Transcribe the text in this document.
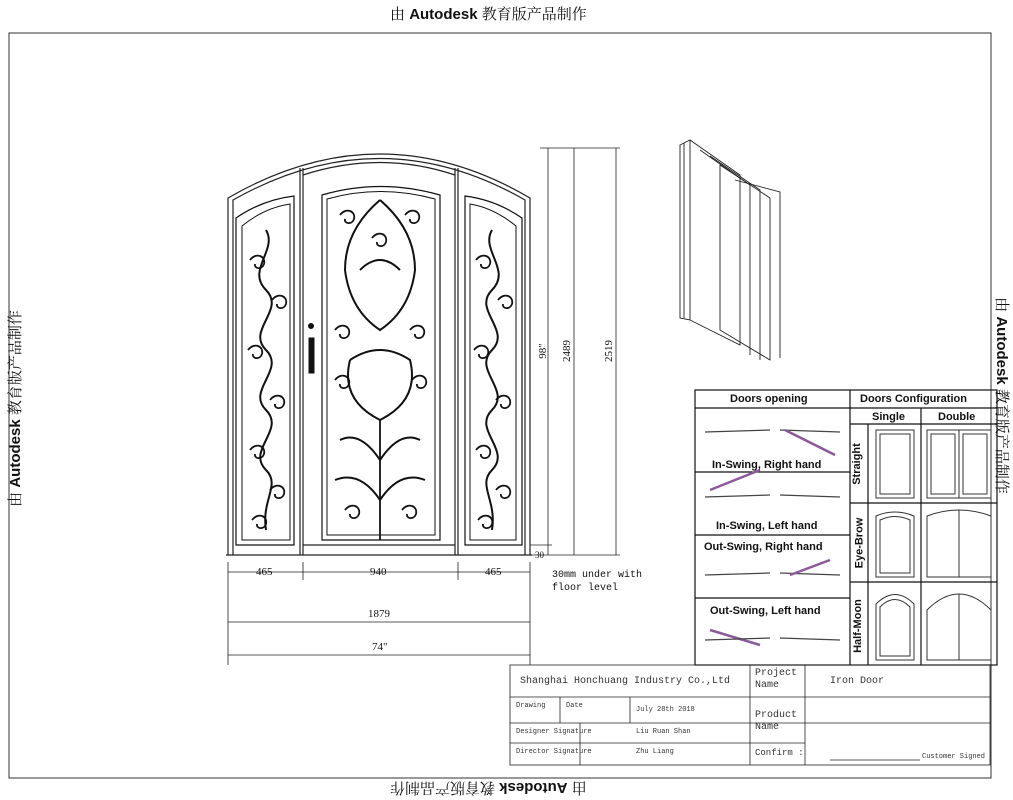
由 Autodesk 教育版产品制作
由 Autodesk 教育版产品制作
由 Autodesk 教育版产品制作
由 Autodesk 教育版产品制作
465	940	465
1879
74"
98" 2489	2519
30
30mm under with floor level
Doors opening	Doors Configuration
In-Swing, Right hand
In-Swing, Left hand
Out-Swing, Right hand
Out-Swing, Left hand
Single	Double
Straight
Eye-Brow
Half-Moon
Shanghai Honchuang Industry Co.,Ltd
Project Name	Iron Door
Drawing	Date	July 28th 2018	Product Name
Designer Signature	Liu Ruan Shan
Director Signature	Zhu Liang	Confirm :	Customer Signed
